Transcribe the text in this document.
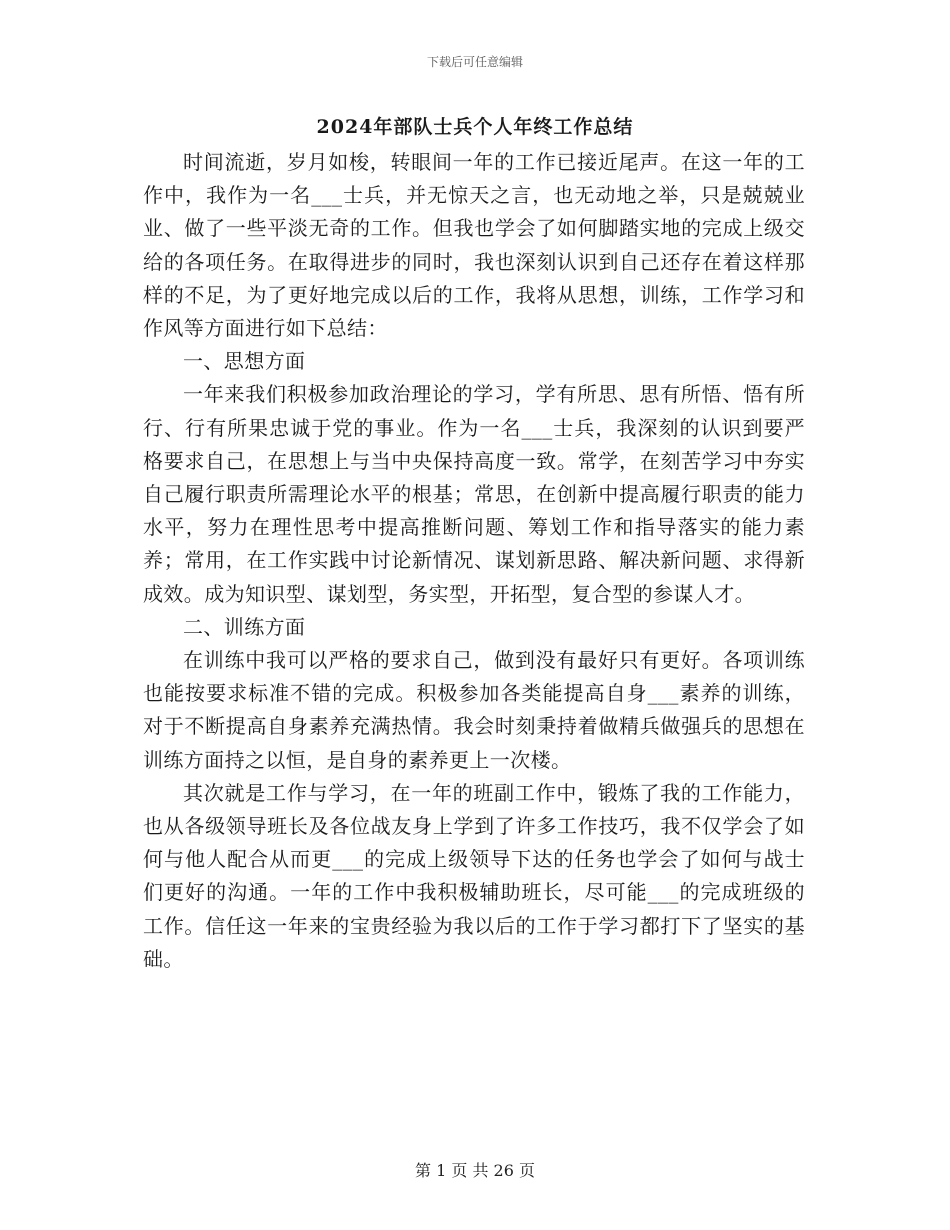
下载后可任意编辑
2024年部队士兵个人年终工作总结

时间流逝，岁月如梭，转眼间一年的工作已接近尾声。在这一年的工作中，我作为一名___士兵，并无惊天之言，也无动地之举，只是兢兢业业、做了一些平淡无奇的工作。但我也学会了如何脚踏实地的完成上级交给的各项任务。在取得进步的同时，我也深刻认识到自己还存在着这样那样的不足，为了更好地完成以后的工作，我将从思想，训练，工作学习和作风等方面进行如下总结：

一、思想方面

一年来我们积极参加政治理论的学习，学有所思、思有所悟、悟有所行、行有所果忠诚于党的事业。作为一名___士兵，我深刻的认识到要严格要求自己，在思想上与当中央保持高度一致。常学，在刻苦学习中夯实自己履行职责所需理论水平的根基；常思，在创新中提高履行职责的能力水平，努力在理性思考中提高推断问题、筹划工作和指导落实的能力素养；常用，在工作实践中讨论新情况、谋划新思路、解决新问题、求得新成效。成为知识型、谋划型，务实型，开拓型，复合型的参谋人才。

二、训练方面

在训练中我可以严格的要求自己，做到没有最好只有更好。各项训练也能按要求标准不错的完成。积极参加各类能提高自身___素养的训练，对于不断提高自身素养充满热情。我会时刻秉持着做精兵做强兵的思想在训练方面持之以恒，是自身的素养更上一次楼。

其次就是工作与学习，在一年的班副工作中，锻炼了我的工作能力，也从各级领导班长及各位战友身上学到了许多工作技巧，我不仅学会了如何与他人配合从而更___的完成上级领导下达的任务也学会了如何与战士们更好的沟通。一年的工作中我积极辅助班长，尽可能___的完成班级的工作。信任这一年来的宝贵经验为我以后的工作于学习都打下了坚实的基础。

第 1 页 共 26 页
